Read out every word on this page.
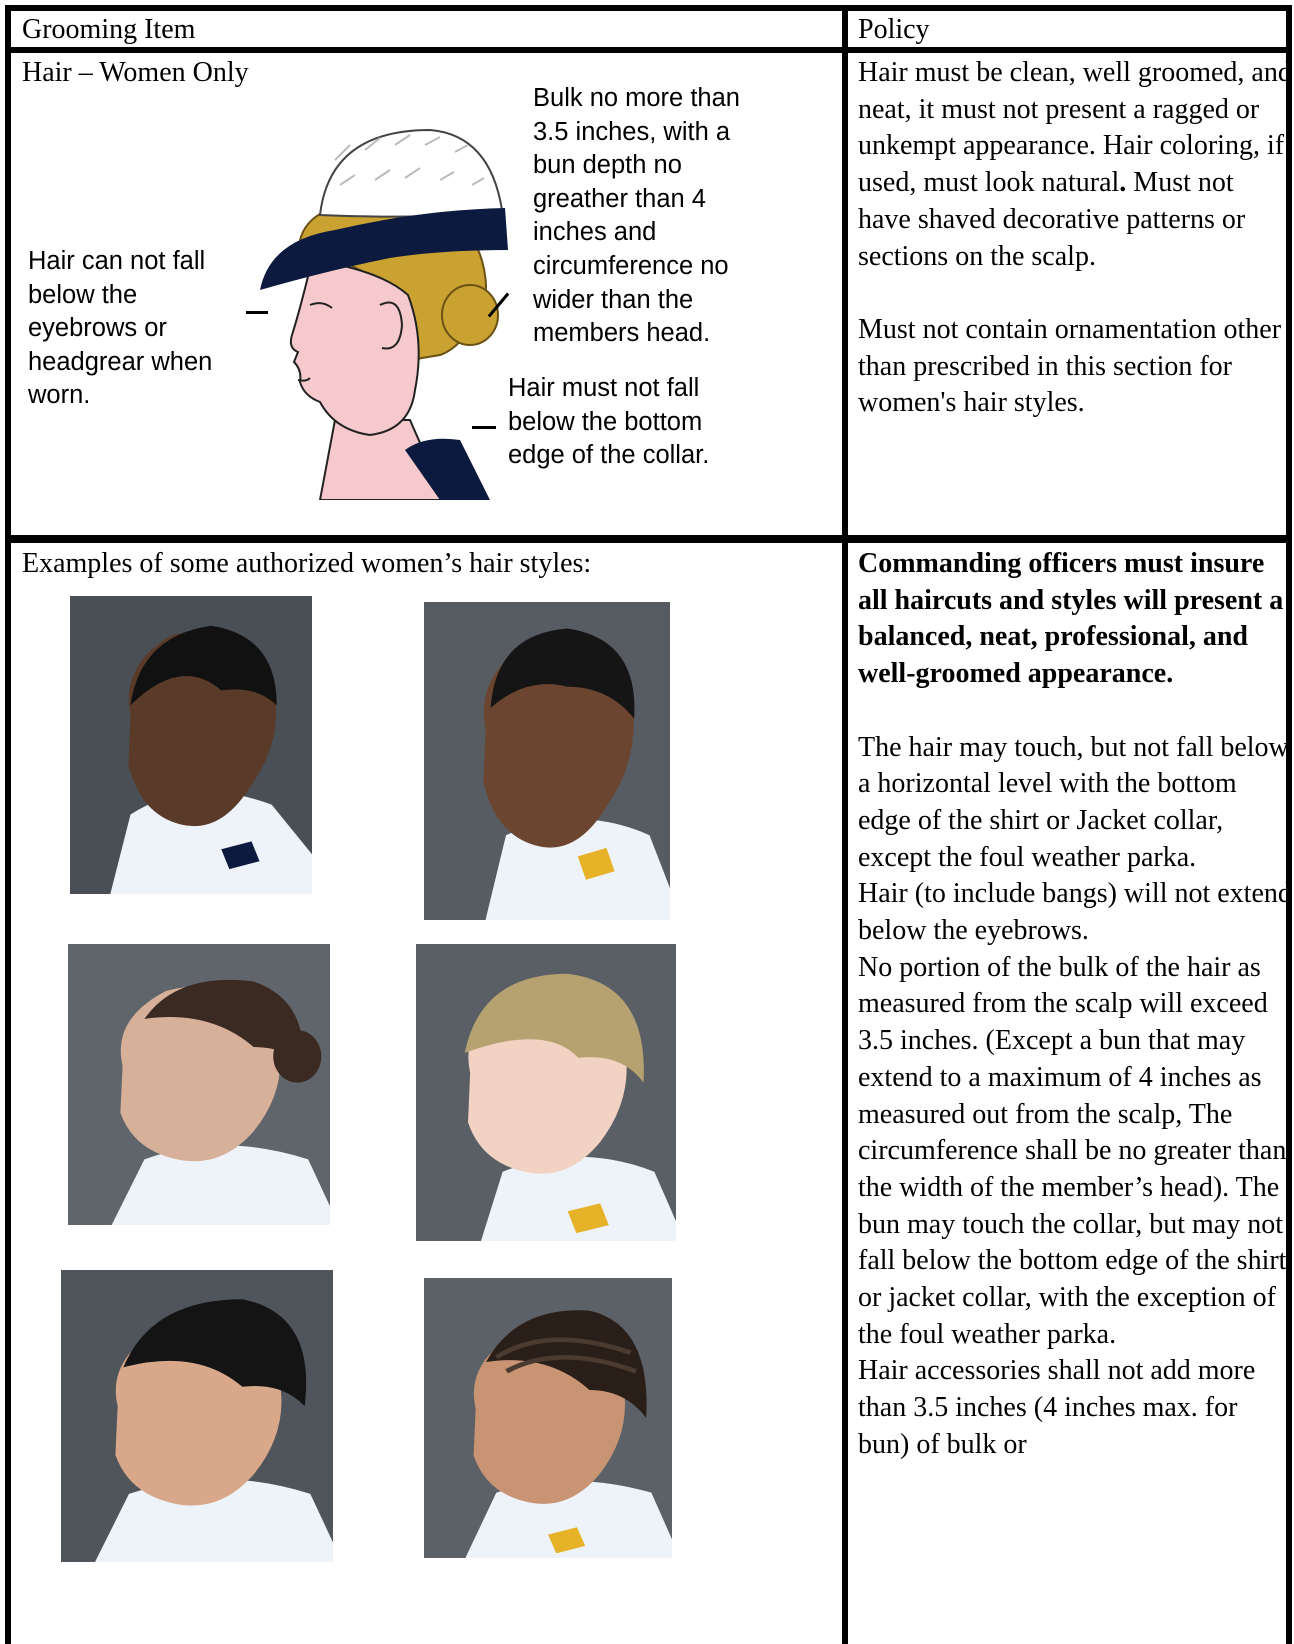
Grooming Item	Policy
Hair – Women Only
Hair can not fall
below the
eyebrows or
headgrear when
worn.
Bulk no more than
3.5 inches, with a
bun depth no
greather than 4
inches and
circumference no
wider than the
members head.
Hair must not fall
below the bottom
edge of the collar.

Hair must be clean, well groomed, and neat, it must not present a ragged or unkempt appearance. Hair coloring, if used, must look natural. Must not have shaved decorative patterns or sections on the scalp.

Must not contain ornamentation other than prescribed in this section for women's hair styles.

Examples of some authorized women’s hair styles:	Commanding officers must insure all haircuts and styles will present a balanced, neat, professional, and well-groomed appearance.

The hair may touch, but not fall below a horizontal level with the bottom edge of the shirt or Jacket collar, except the foul weather parka.

Hair (to include bangs) will not extend below the eyebrows.

No portion of the bulk of the hair as measured from the scalp will exceed 3.5 inches. (Except a bun that may extend to a maximum of 4 inches as measured out from the scalp, The circumference shall be no greater than the width of the member’s head). The bun may touch the collar, but may not fall below the bottom edge of the shirt or jacket collar, with the exception of the foul weather parka.

Hair accessories shall not add more than 3.5 inches (4 inches max. for bun) of bulk or
